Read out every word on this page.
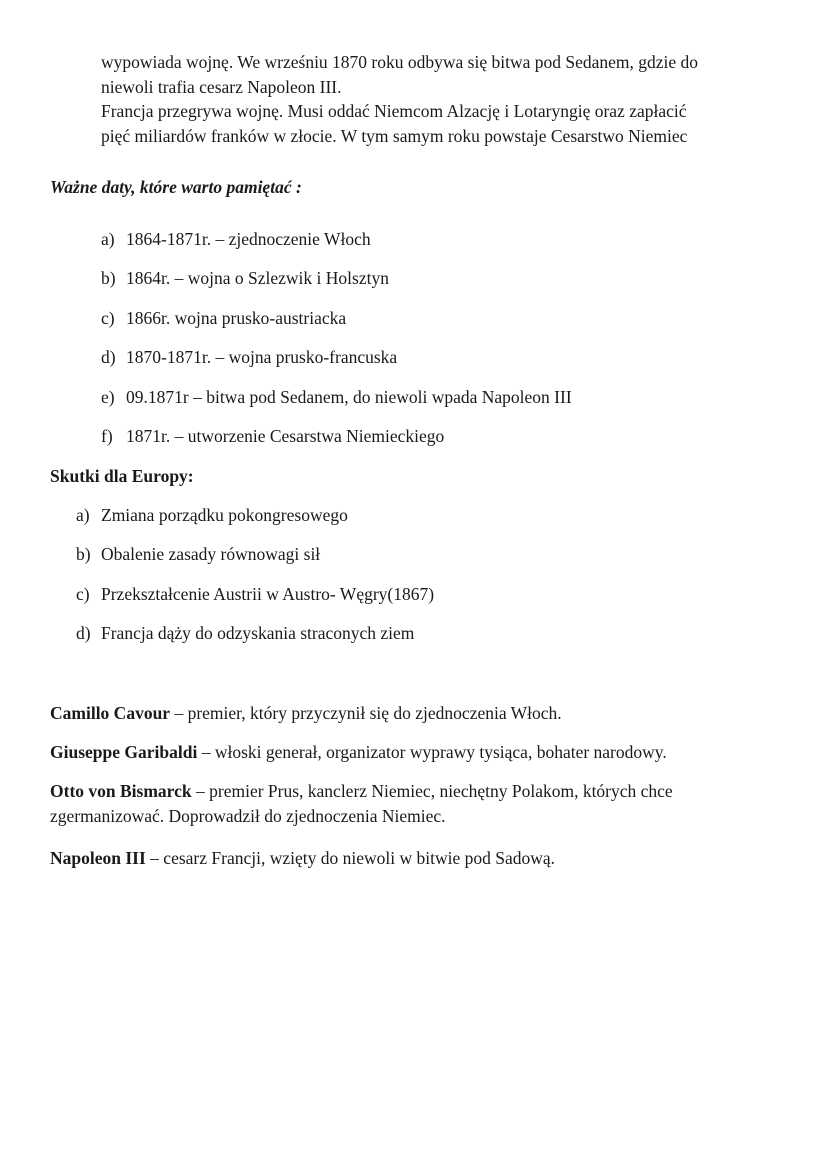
wypowiada wojnę. We wrześniu 1870 roku odbywa się bitwa pod Sedanem, gdzie do

niewoli trafia cesarz Napoleon III.

Francja przegrywa wojnę. Musi oddać Niemcom Alzację i Lotaryngię oraz zapłacić

pięć miliardów franków w złocie. W tym samym roku powstaje Cesarstwo Niemiec

Ważne daty, które warto pamiętać :

a) 1864-1871r. – zjednoczenie Włoch
b) 1864r. – wojna o Szlezwik i Holsztyn
c) 1866r. wojna prusko-austriacka
d) 1870-1871r. – wojna prusko-francuska
e) 09.1871r – bitwa pod Sedanem, do niewoli wpada Napoleon III
f) 1871r. – utworzenie Cesarstwa Niemieckiego

Skutki dla Europy:

a) Zmiana porządku pokongresowego
b) Obalenie zasady równowagi sił
c) Przekształcenie Austrii w Austro- Węgry(1867)
d) Francja dąży do odzyskania straconych ziem

Camillo Cavour – premier, który przyczynił się do zjednoczenia Włoch.

Giuseppe Garibaldi – włoski generał, organizator wyprawy tysiąca, bohater narodowy.

Otto von Bismarck – premier Prus, kanclerz Niemiec, niechętny Polakom, których chce zgermanizować. Doprowadził do zjednoczenia Niemiec.

Napoleon III – cesarz Francji, wzięty do niewoli w bitwie pod Sadową.
